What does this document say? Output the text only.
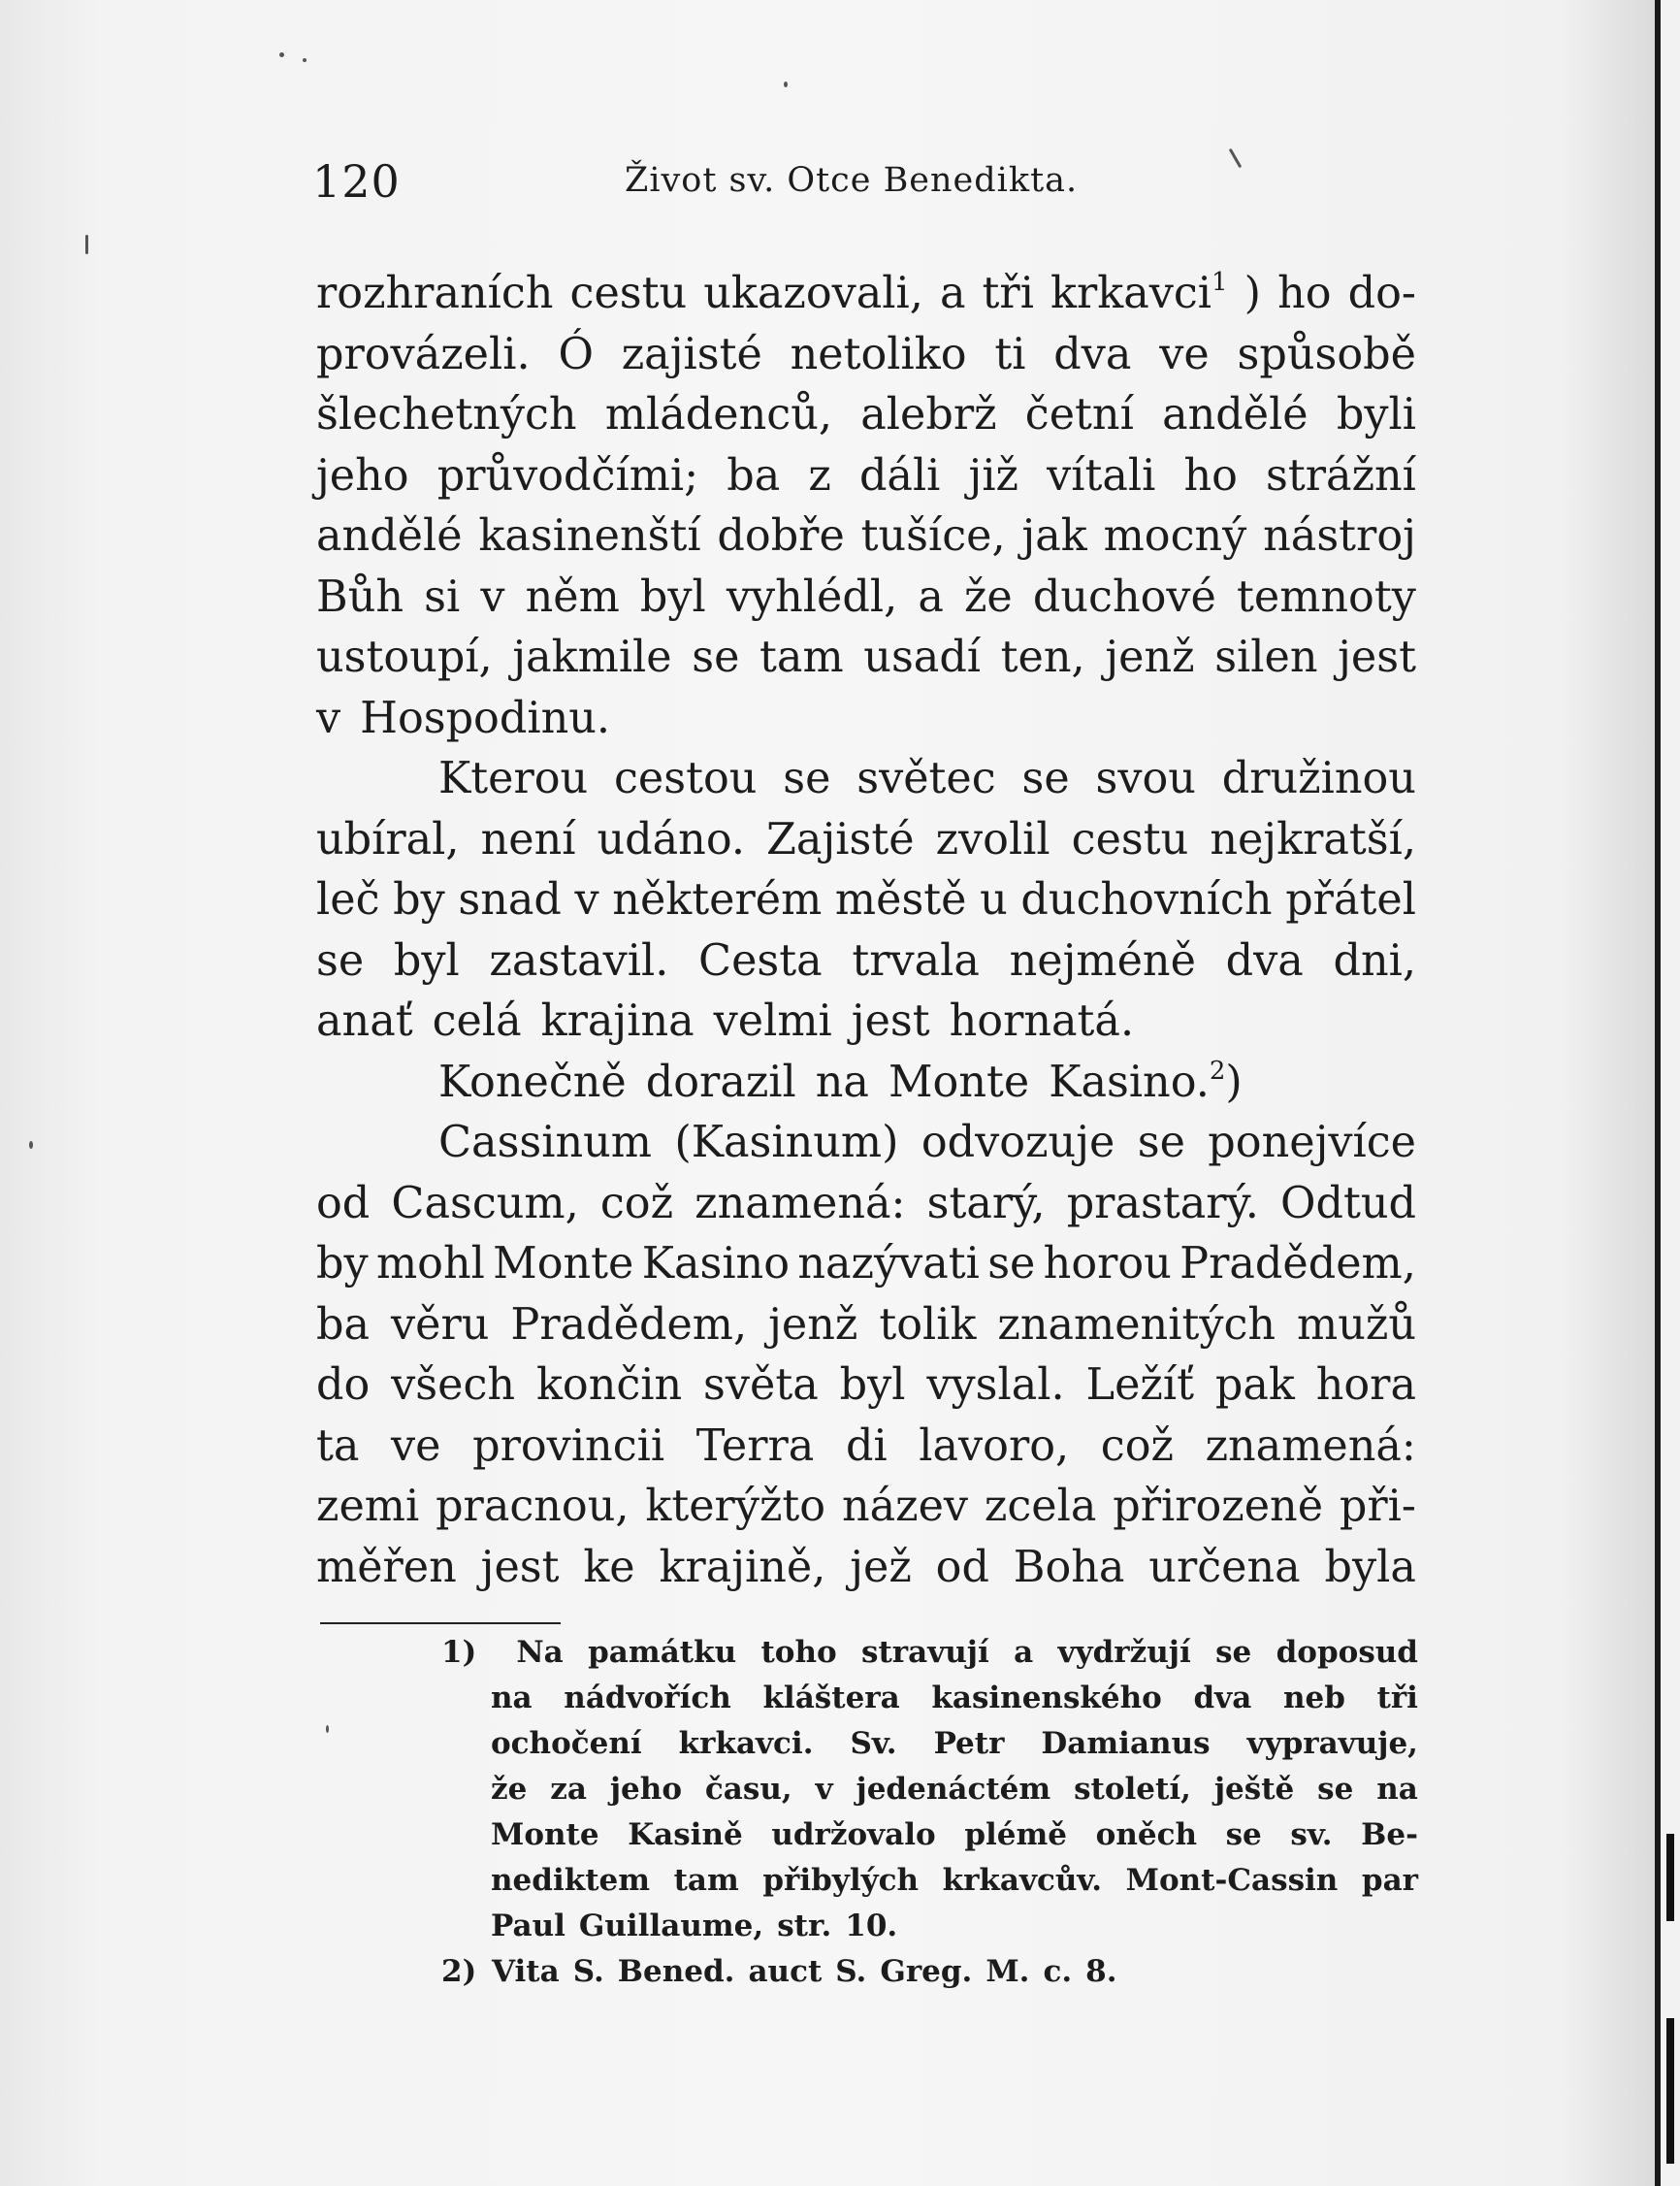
120	Život sv. Otce Benedikta.
rozhraních cestu ukazovali, a tři krkavci$^1$ ) ho do-
provázeli. Ó zajisté netoliko ti dva ve spůsobě
šlechetných mládenců, alebrž četní andělé byli
jeho průvodčími; ba z dáli již vítali ho strážní
andělé kasinenští dobře tušíce, jak mocný nástroj
Bůh si v něm byl vyhlédl, a že duchové temnoty
ustoupí, jakmile se tam usadí ten, jenž silen jest
v Hospodinu.
Kterou cestou se světec se svou družinou
ubíral, není udáno. Zajisté zvolil cestu nejkratší,
leč by snad v některém městě u duchovních přátel
se byl zastavil. Cesta trvala nejméně dva dni,
anať celá krajina velmi jest hornatá.
Konečně dorazil na Monte Kasino.$^2$)
Cassinum (Kasinum) odvozuje se ponejvíce
od Cascum, což znamená: starý, prastarý. Odtud
by mohl Monte Kasino nazývati se horou Pradědem,
ba věru Pradědem, jenž tolik znamenitých mužů
do všech končin světa byl vyslal. Ležíť pak hora
ta ve provincii Terra di lavoro, což znamená:
zemi pracnou, kterýžto název zcela přirozeně při-
měřen jest ke krajině, jež od Boha určena byla
1)	Na památku toho stravují a vydržují se doposud
na nádvořích kláštera kasinenského dva neb tři
ochočení krkavci. Sv. Petr Damianus vypravuje,
že za jeho času, v jedenáctém století, ještě se na
Monte Kasině udržovalo plémě oněch se sv. Be-
nediktem tam přibylých krkavcův. Mont-Cassin par
Paul Guillaume, str. 10.
2) Vita S. Bened. auct S. Greg. M. c. 8.
